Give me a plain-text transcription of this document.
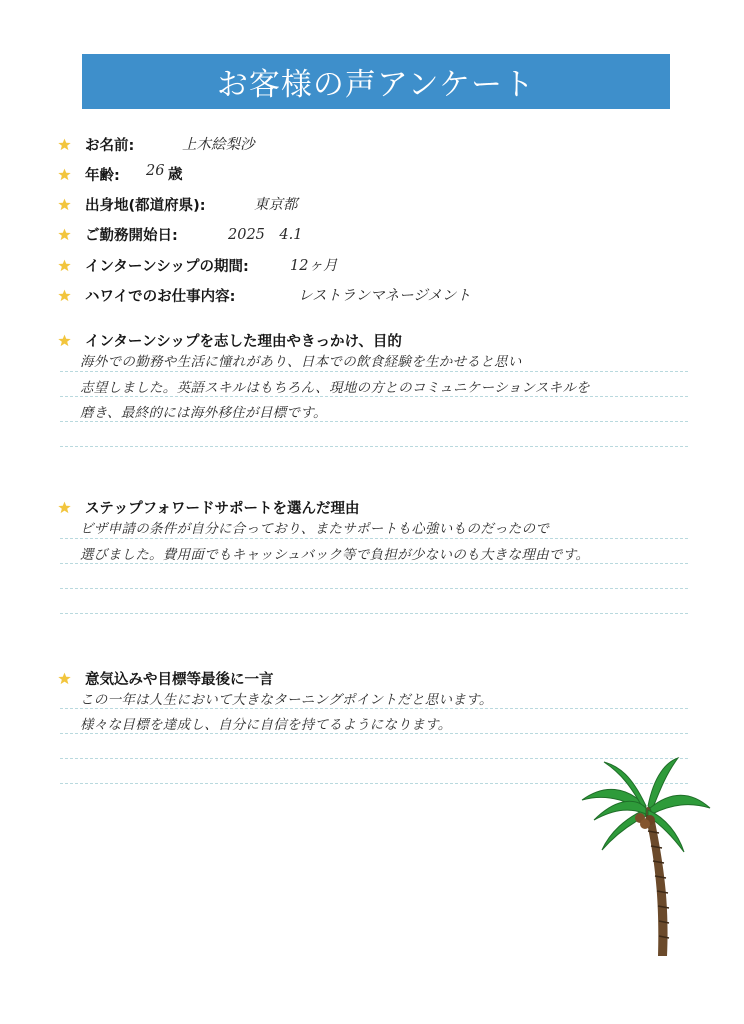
お客様の声アンケート
お名前:	上木絵梨沙
年齢: 26 歳
出身地(都道府県):	東京都
ご勤務開始日:	2025　4.1
インターンシップの期間:	12ヶ月
ハワイでのお仕事内容:	レストランマネージメント
インターンシップを志した理由やきっかけ、目的
海外での勤務や生活に憧れがあり、日本での飲食経験を生かせると思い
志望しました。英語スキルはもちろん、現地の方とのコミュニケーションスキルを
磨き、最終的には海外移住が目標です。
ステップフォワードサポートを選んだ理由
ビザ申請の条件が自分に合っており、またサポートも心強いものだったので
選びました。費用面でもキャッシュバック等で負担が少ないのも大きな理由です。
意気込みや目標等最後に一言
この一年は人生において大きなターニングポイントだと思います。
様々な目標を達成し、自分に自信を持てるようになります。
